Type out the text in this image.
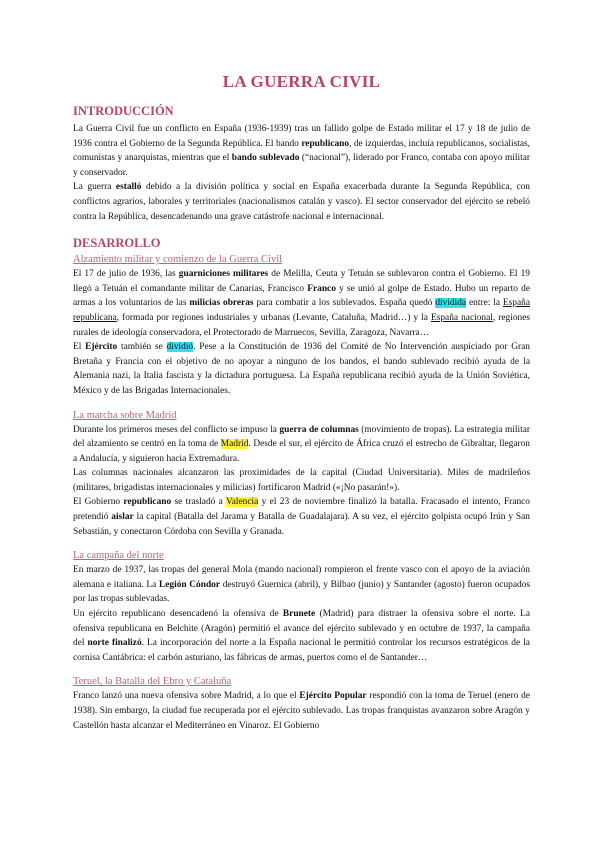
LA GUERRA CIVIL
INTRODUCCIÓN

La Guerra Civil fue un conflicto en España (1936-1939) tras un fallido golpe de Estado militar el 17 y 18 de julio de 1936 contra el Gobierno de la Segunda República. El bando republicano, de izquierdas, incluía republicanos, socialistas, comunistas y anarquistas, mientras que el bando sublevado (“nacional”), liderado por Franco, contaba con apoyo militar y conservador.

La guerra estalló debido a la división política y social en España exacerbada durante la Segunda República, con conflictos agrarios, laborales y territoriales (nacionalismos catalán y vasco). El sector conservador del ejército se rebeló contra la República, desencadenando una grave catástrofe nacional e internacional.

DESARROLLO
Alzamiento militar y comienzo de la Guerra Civil

El 17 de julio de 1936, las guarniciones militares de Melilla, Ceuta y Tetuán se sublevaron contra el Gobierno. El 19 llegó a Tetuán el comandante militar de Canarias, Francisco Franco y se unió al golpe de Estado. Hubo un reparto de armas a los voluntarios de las milicias obreras para combatir a los sublevados. España quedó dividida entre: la España republicana, formada por regiones industriales y urbanas (Levante, Cataluña, Madrid…) y la España nacional, regiones rurales de ideología conservadora, el Protectorado de Marruecos, Sevilla, Zaragoza, Navarra…

El Ejército también se dividió. Pese a la Constitución de 1936 del Comité de No Intervención auspiciado por Gran Bretaña y Francia con el objetivo de no apoyar a ninguno de los bandos, el bando sublevado recibió ayuda de la Alemania nazi, la Italia fascista y la dictadura portuguesa. La España republicana recibió ayuda de la Unión Soviética, México y de las Brigadas Internacionales.

La marcha sobre Madrid

Durante los primeros meses del conflicto se impuso la guerra de columnas (movimiento de tropas). La estrategia militar del alzamiento se centró en la toma de Madrid. Desde el sur, el ejército de África cruzó el estrecho de Gibraltar, llegaron a Andalucía, y siguieron hacia Extremadura.

Las columnas nacionales alcanzaron las proximidades de la capital (Ciudad Universitaria). Miles de madrileños (militares, brigadistas internacionales y milicias) fortificaron Madrid («¡No pasarán!»).

El Gobierno republicano se trasladó a Valencia y el 23 de noviembre finalizó la batalla. Fracasado el intento, Franco pretendió aislar la capital (Batalla del Jarama y Batalla de Guadalajara). A su vez, el ejército golpista ocupó Irún y San Sebastián, y conectaron Córdoba con Sevilla y Granada.

La campaña del norte

En marzo de 1937, las tropas del general Mola (mando nacional) rompieron el frente vasco con el apoyo de la aviación alemana e italiana. La Legión Cóndor destruyó Guernica (abril), y Bilbao (junio) y Santander (agosto) fueron ocupados por las tropas sublevadas.

Un ejército republicano desencadenó la ofensiva de Brunete (Madrid) para distraer la ofensiva sobre el norte. La ofensiva republicana en Belchite (Aragón) permitió el avance del ejército sublevado y en octubre de 1937, la campaña del norte finalizó. La incorporación del norte a la España nacional le permitió controlar los recursos estratégicos de la cornisa Cantábrica: el carbón asturiano, las fábricas de armas, puertos como el de Santander…

Teruel, la Batalla del Ebro y Cataluña

Franco lanzó una nueva ofensiva sobre Madrid, a lo que el Ejército Popular respondió con la toma de Teruel (enero de 1938). Sin embargo, la ciudad fue recuperada por el ejército sublevado. Las tropas franquistas avanzaron sobre Aragón y Castellón hasta alcanzar el Mediterráneo en Vinaroz. El Gobierno
